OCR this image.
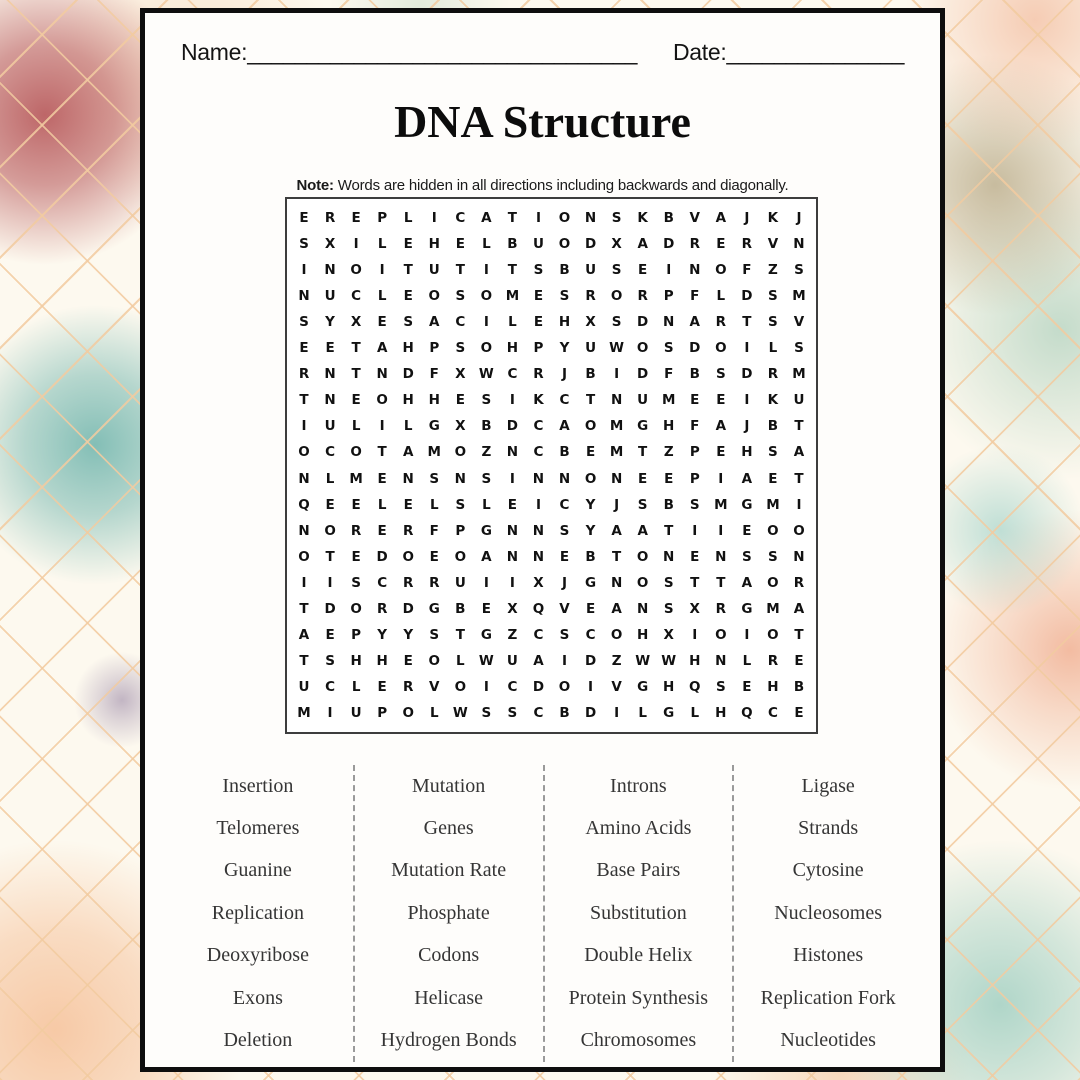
Name:_________________________________ Date:_______________
DNA Structure
Note: Words are hidden in all directions including backwards and diagonally.
E	R	E	P	L	I	C	A	T	I	O	N	S	K	B	V	A	J	K	J
S	X	I	L	E	H	E	L	B	U	O	D	X	A	D	R	E	R	V	N
I	N	O	I	T	U	T	I	T	S	B	U	S	E	I	N	O	F	Z	S
N	U	C	L	E	O	S	O	M	E	S	R	O	R	P	F	L	D	S	M
S	Y	X	E	S	A	C	I	L	E	H	X	S	D	N	A	R	T	S	V
E	E	T	A	H	P	S	O	H	P	Y	U W O	S	D	O	I	L	S
R	N	T	N	D	F	X W	C	R	J	B	I	D	F	B	S	D	R	M
T	N	E	O	H	H	E	S	I	K	C	T	N	U	M	E	E	I	K	U
I	U	L	I	L	G	X	B	D	C	A	O	M	G	H	F	A	J	B	T
O	C	O	T	A	M	O	Z	N	C	B	E	M	T	Z	P	E	H	S	A
N	L	M	E	N	S	N	S	I	N	N	O	N	E	E	P	I	A	E	T
Q	E	E	L	E	L	S	L	E	I	C	Y	J	S	B	S	M	G	M	I
N	O	R	E	R	F	P	G	N	N	S	Y	A	A	T	I	I	E	O	O
O	T	E	D	O	E	O	A	N	N	E	B	T	O	N	E	N	S	S	N
I	I	S	C	R	R	U	I	I	X	J	G	N	O	S	T	T	A	O	R
T	D	O	R	D	G	B	E	X	Q	V	E	A	N	S	X	R	G	M	A
A	E	P	Y	Y	S	T	G	Z	C	S	C	O	H	X	I	O	I	O	T
T	S	H	H	E	O	L	W U	A	I	D	Z	W W H	N	L	R	E
U	C	L	E	R	V	O	I	C	D	O	I	V	G	H	Q	S	E	H	B
M	I	U	P	O	L	W	S	S	C	B	D	I	L	G	L	H	Q	C	E
Insertion
Telomeres
Guanine
Replication
Deoxyribose
Exons
Deletion
Mutation
Genes
Mutation Rate
Phosphate
Codons
Helicase
Hydrogen Bonds
Introns
Amino Acids
Base Pairs
Substitution
Double Helix
Protein Synthesis
Chromosomes
Ligase
Strands
Cytosine
Nucleosomes
Histones
Replication Fork
Nucleotides
